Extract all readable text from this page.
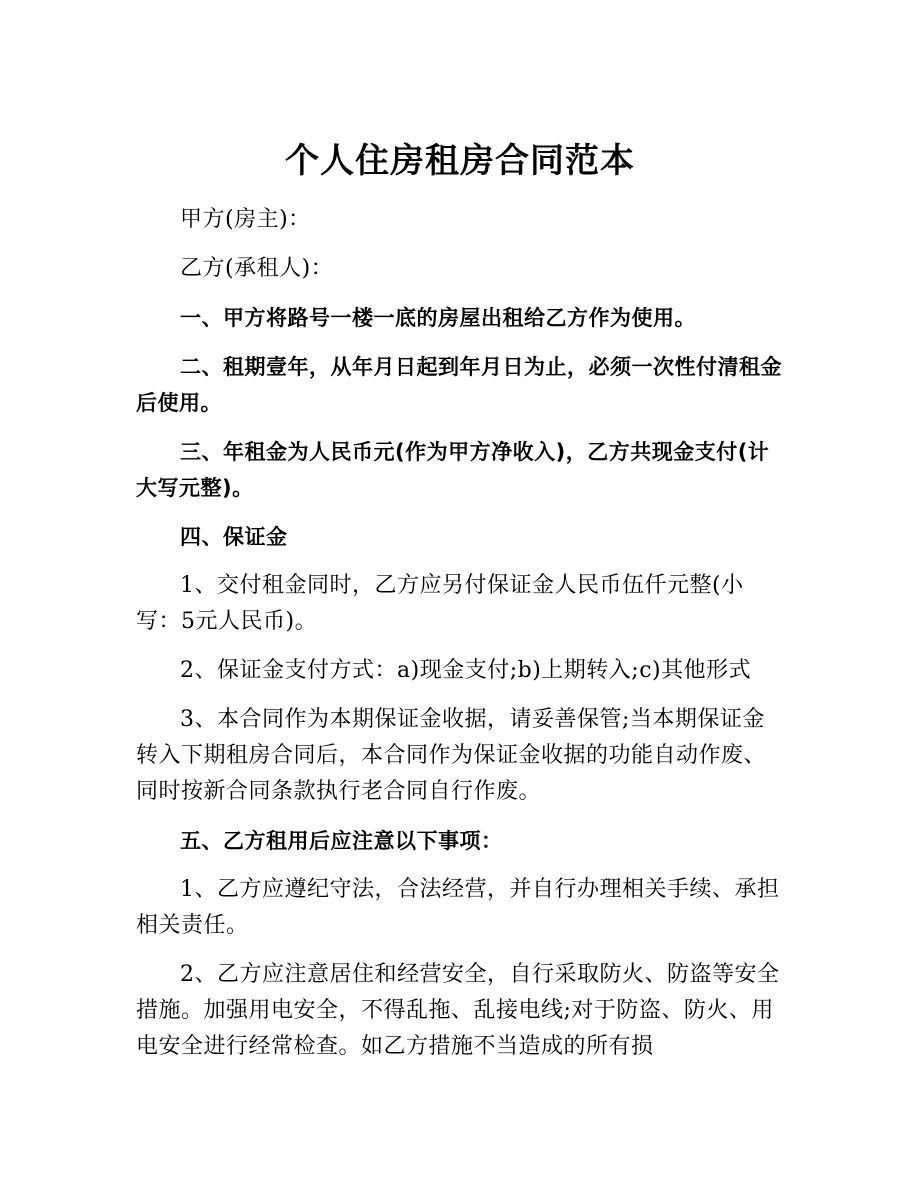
个人住房租房合同范本

甲方(房主)：

乙方(承租人)：

一、甲方将路号一楼一底的房屋出租给乙方作为使用。

二、租期壹年，从年月日起到年月日为止，必须一次性付清租金后使用。

三、年租金为人民币元(作为甲方净收入)，乙方共现金支付(计大写元整)。

四、保证金

1、交付租金同时，乙方应另付保证金人民币伍仟元整(小写：5元人民币)。

2、保证金支付方式：a)现金支付;b)上期转入;c)其他形式

3、本合同作为本期保证金收据，请妥善保管;当本期保证金转入下期租房合同后，本合同作为保证金收据的功能自动作废、同时按新合同条款执行老合同自行作废。

五、乙方租用后应注意以下事项：

1、乙方应遵纪守法，合法经营，并自行办理相关手续、承担相关责任。

2、乙方应注意居住和经营安全，自行采取防火、防盗等安全措施。加强用电安全，不得乱拖、乱接电线;对于防盗、防火、用电安全进行经常检查。如乙方措施不当造成的所有损
